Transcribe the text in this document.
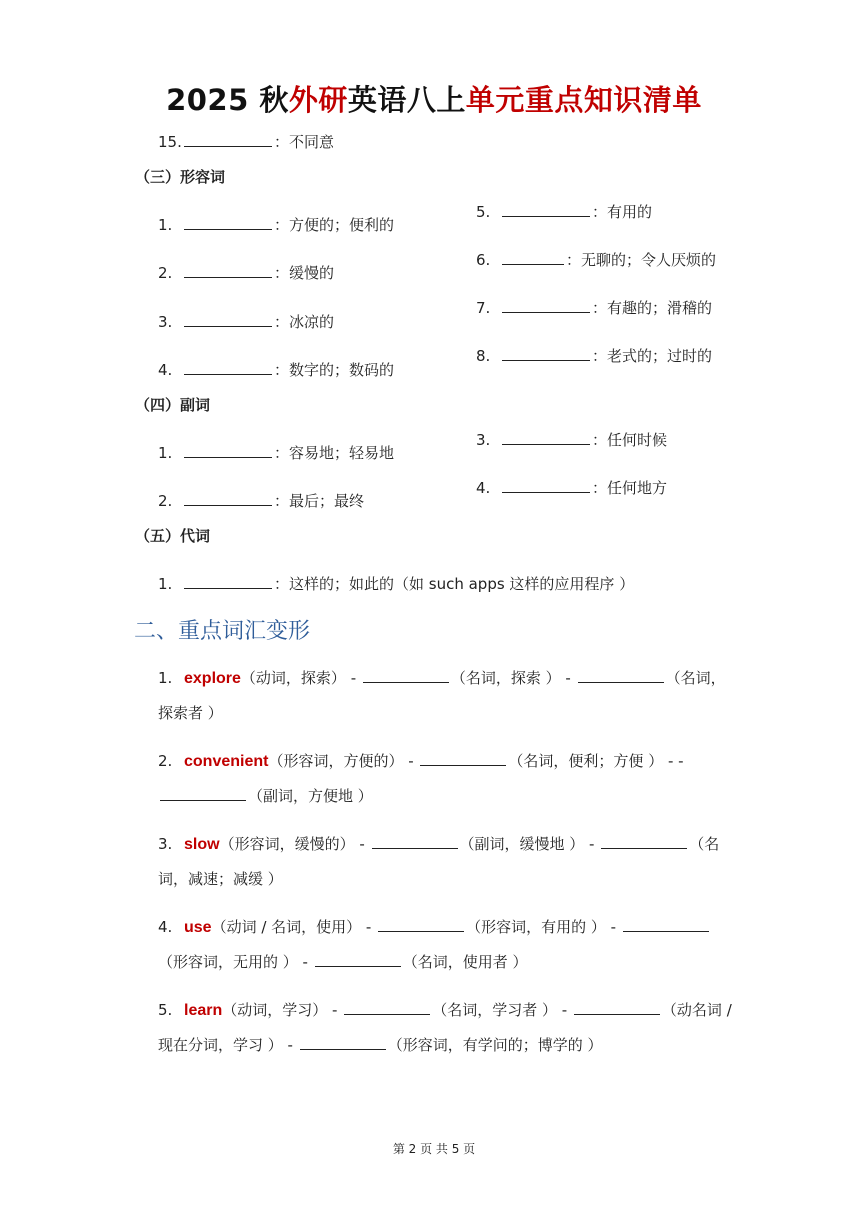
2025 秋外研英语八上单元重点知识清单
15.	：不同意
（三）形容词
1.	：方便的；便利的
2.	：缓慢的
3.	：冰凉的
4.	：数字的；数码的
5.	：有用的
6.	：无聊的；令人厌烦的
7.	：有趣的；滑稽的
8.	：老式的；过时的
（四）副词
1.	：容易地；轻易地
2.	：最后；最终
3.	：任何时候
4.	：任何地方
（五）代词
1.	：这样的；如此的（如 such apps 这样的应用程序 ）
二、重点词汇变形
1. explore（动词，探索） -	（名词，探索 ） -	（名词，探索者 ）
2. convenient（形容词，方便的） -	（名词，便利；方便 ） - - （副词，方便地 ）
3. slow（形容词，缓慢的） -	（副词，缓慢地 ） -	（名词，减速；减缓 ）
4. use（动词 / 名词，使用） -	（形容词，有用的 ） - （形容词，无用的 ） -	（名词，使用者 ）
5. learn（动词，学习） -	（名词，学习者 ） -	（动名词 / 现在分词，学习 ） -	（形容词，有学问的；博学的 ）
第 2 页 共 5 页
